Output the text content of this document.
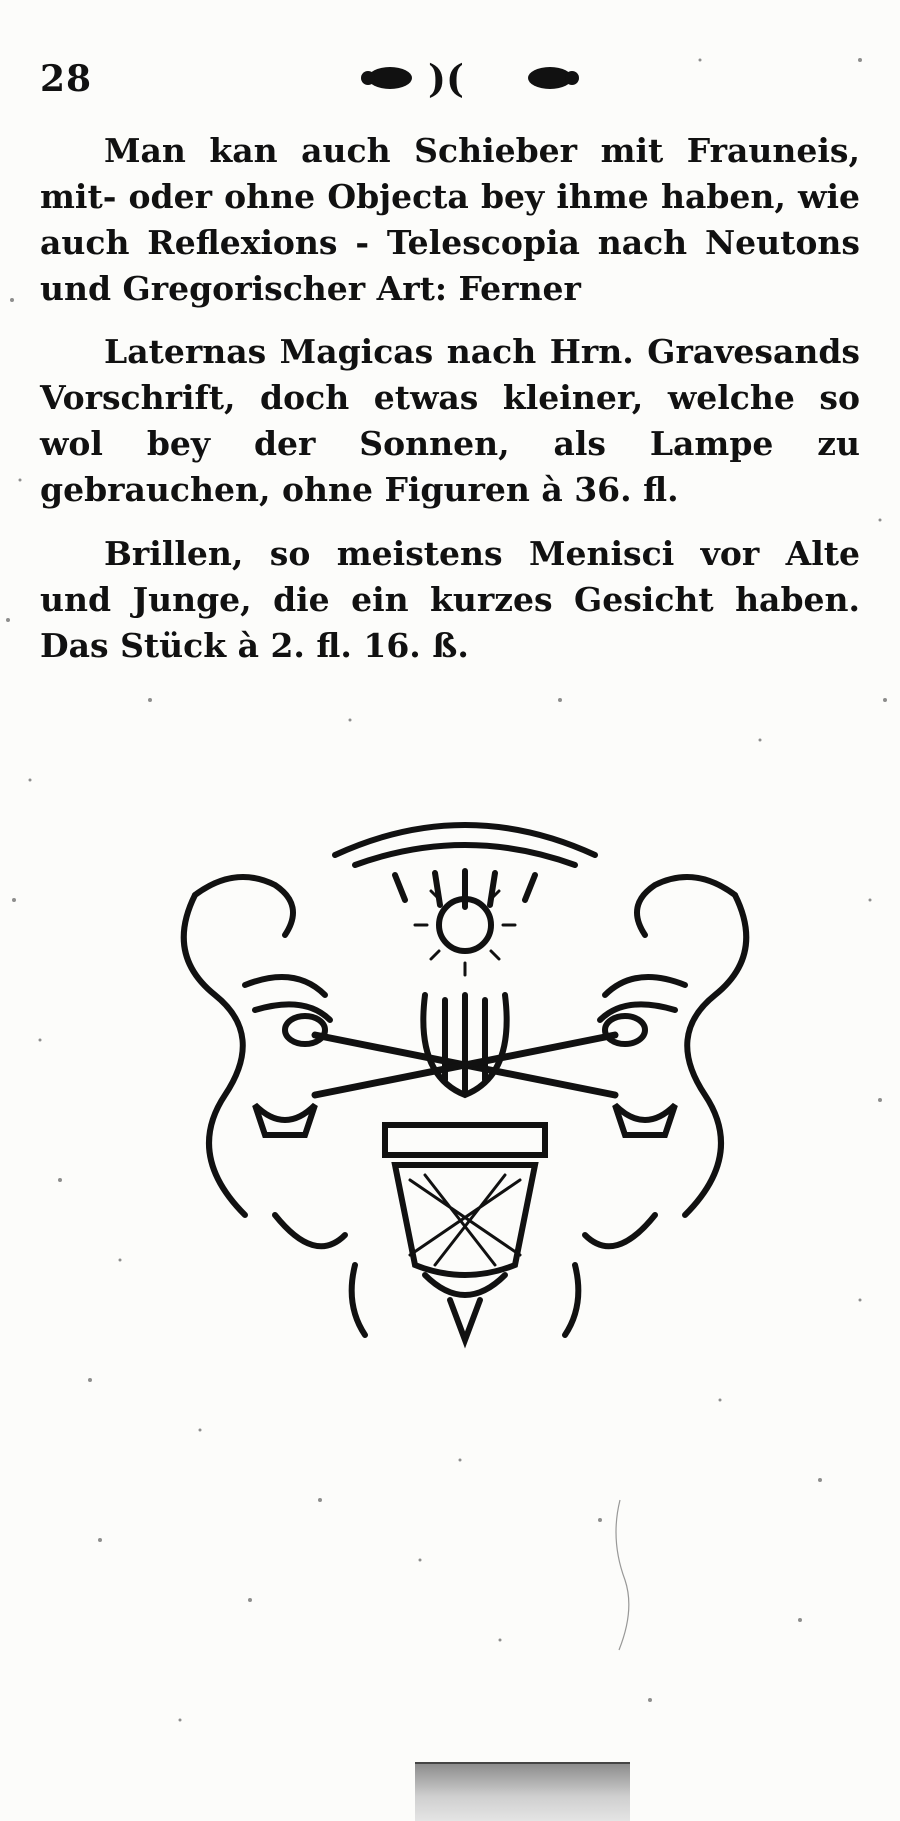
28	)(

Man kan auch Schieber mit Frauneis, mit- oder ohne Objecta bey ihme haben, wie auch Reflexions - Telescopia nach Neutons und Gregorischer Art: Ferner

Laternas Magicas nach Hrn. Gravesands Vorschrift, doch etwas kleiner, welche so wol bey der Sonnen, als Lampe zu gebrauchen, ohne Figuren à 36. fl.

Brillen, so meistens Menisci vor Alte und Junge, die ein kurzes Gesicht haben. Das Stück à 2. fl. 16. ß.
